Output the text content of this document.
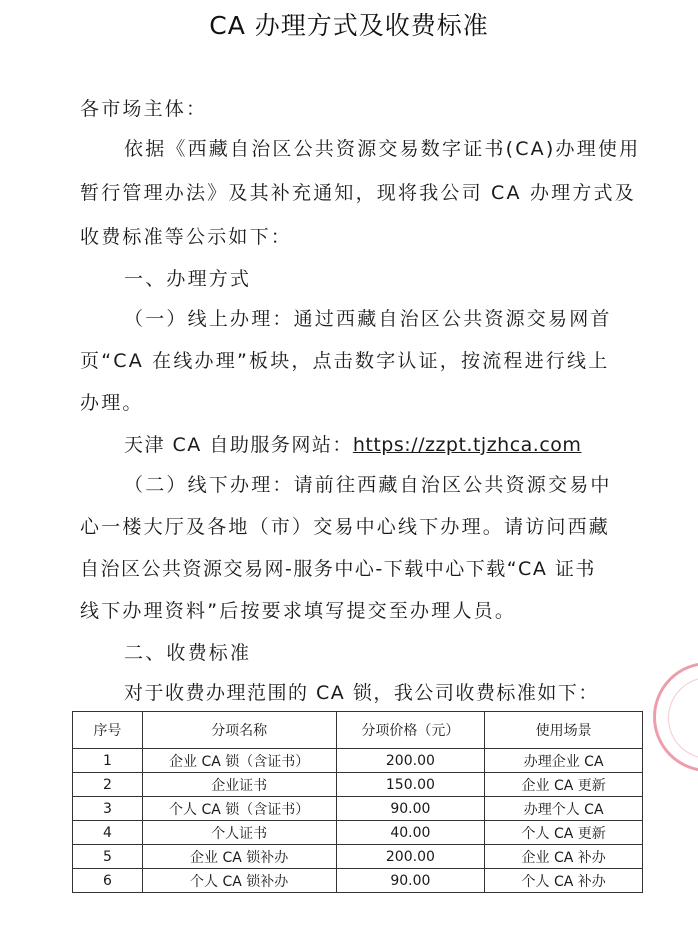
CA 办理方式及收费标准
各市场主体：
依据《西藏自治区公共资源交易数字证书(CA)办理使用
暂行管理办法》及其补充通知，现将我公司 CA 办理方式及
收费标准等公示如下：
一、办理方式
（一）线上办理：通过西藏自治区公共资源交易网首
页“CA 在线办理”板块，点击数字认证，按流程进行线上
办理。
天津 CA 自助服务网站：https://zzpt.tjzhca.com
（二）线下办理：请前往西藏自治区公共资源交易中
心一楼大厅及各地（市）交易中心线下办理。请访问西藏
自治区公共资源交易网-服务中心-下载中心下载“CA 证书
线下办理资料”后按要求填写提交至办理人员。
二、收费标准
对于收费办理范围的 CA 锁，我公司收费标准如下：
序号	分项名称	分项价格（元）	使用场景
1	企业 CA 锁（含证书）	200.00	办理企业 CA
2	企业证书	150.00	企业 CA 更新
3	个人 CA 锁（含证书）	90.00	办理个人 CA
4	个人证书	40.00	个人 CA 更新
5	企业 CA 锁补办	200.00	企业 CA 补办
6	个人 CA 锁补办	90.00	个人 CA 补办
